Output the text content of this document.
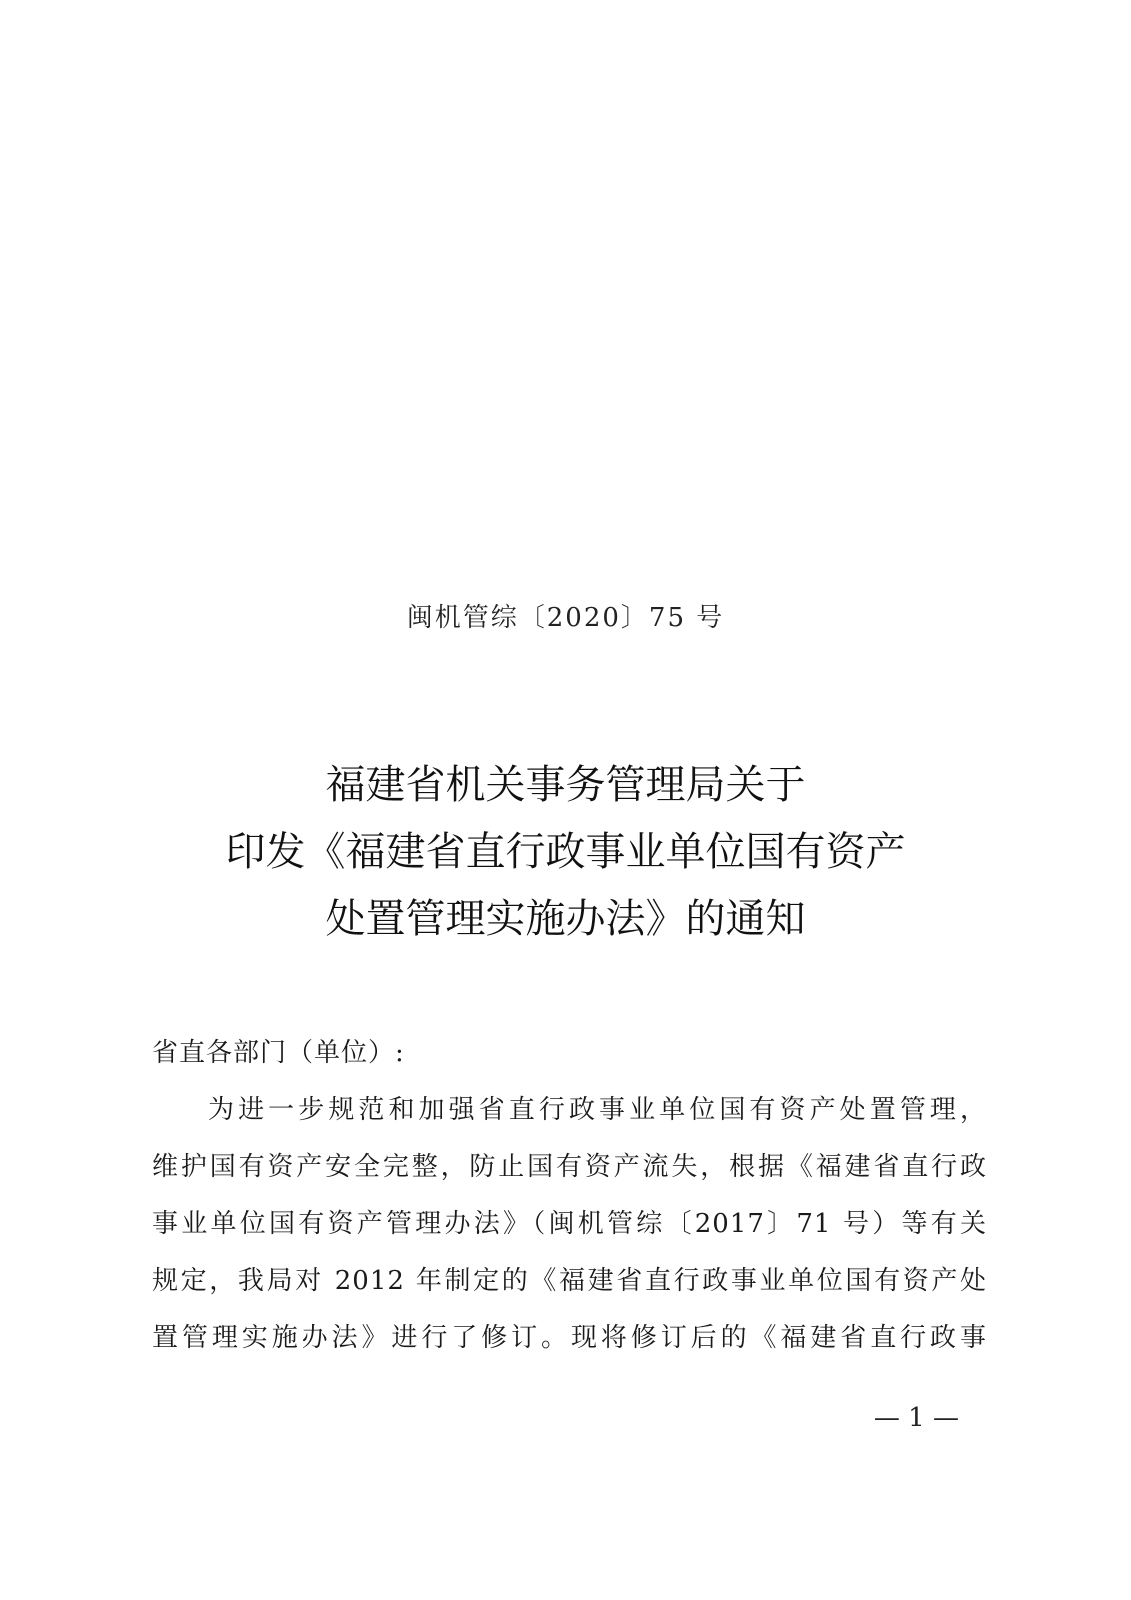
闽机管综〔2020〕75 号
福建省机关事务管理局关于
印发《福建省直行政事业单位国有资产
处置管理实施办法》的通知
省直各部门（单位）:
为进一步规范和加强省直行政事业单位国有资产处置管理，
维护国有资产安全完整，防止国有资产流失，根据《福建省直行政
事业单位国有资产管理办法》（闽机管综〔2017〕71 号）等有关
规定，我局对 2012 年制定的《福建省直行政事业单位国有资产处
置管理实施办法》进行了修订。现将修订后的《福建省直行政事
— 1 —
